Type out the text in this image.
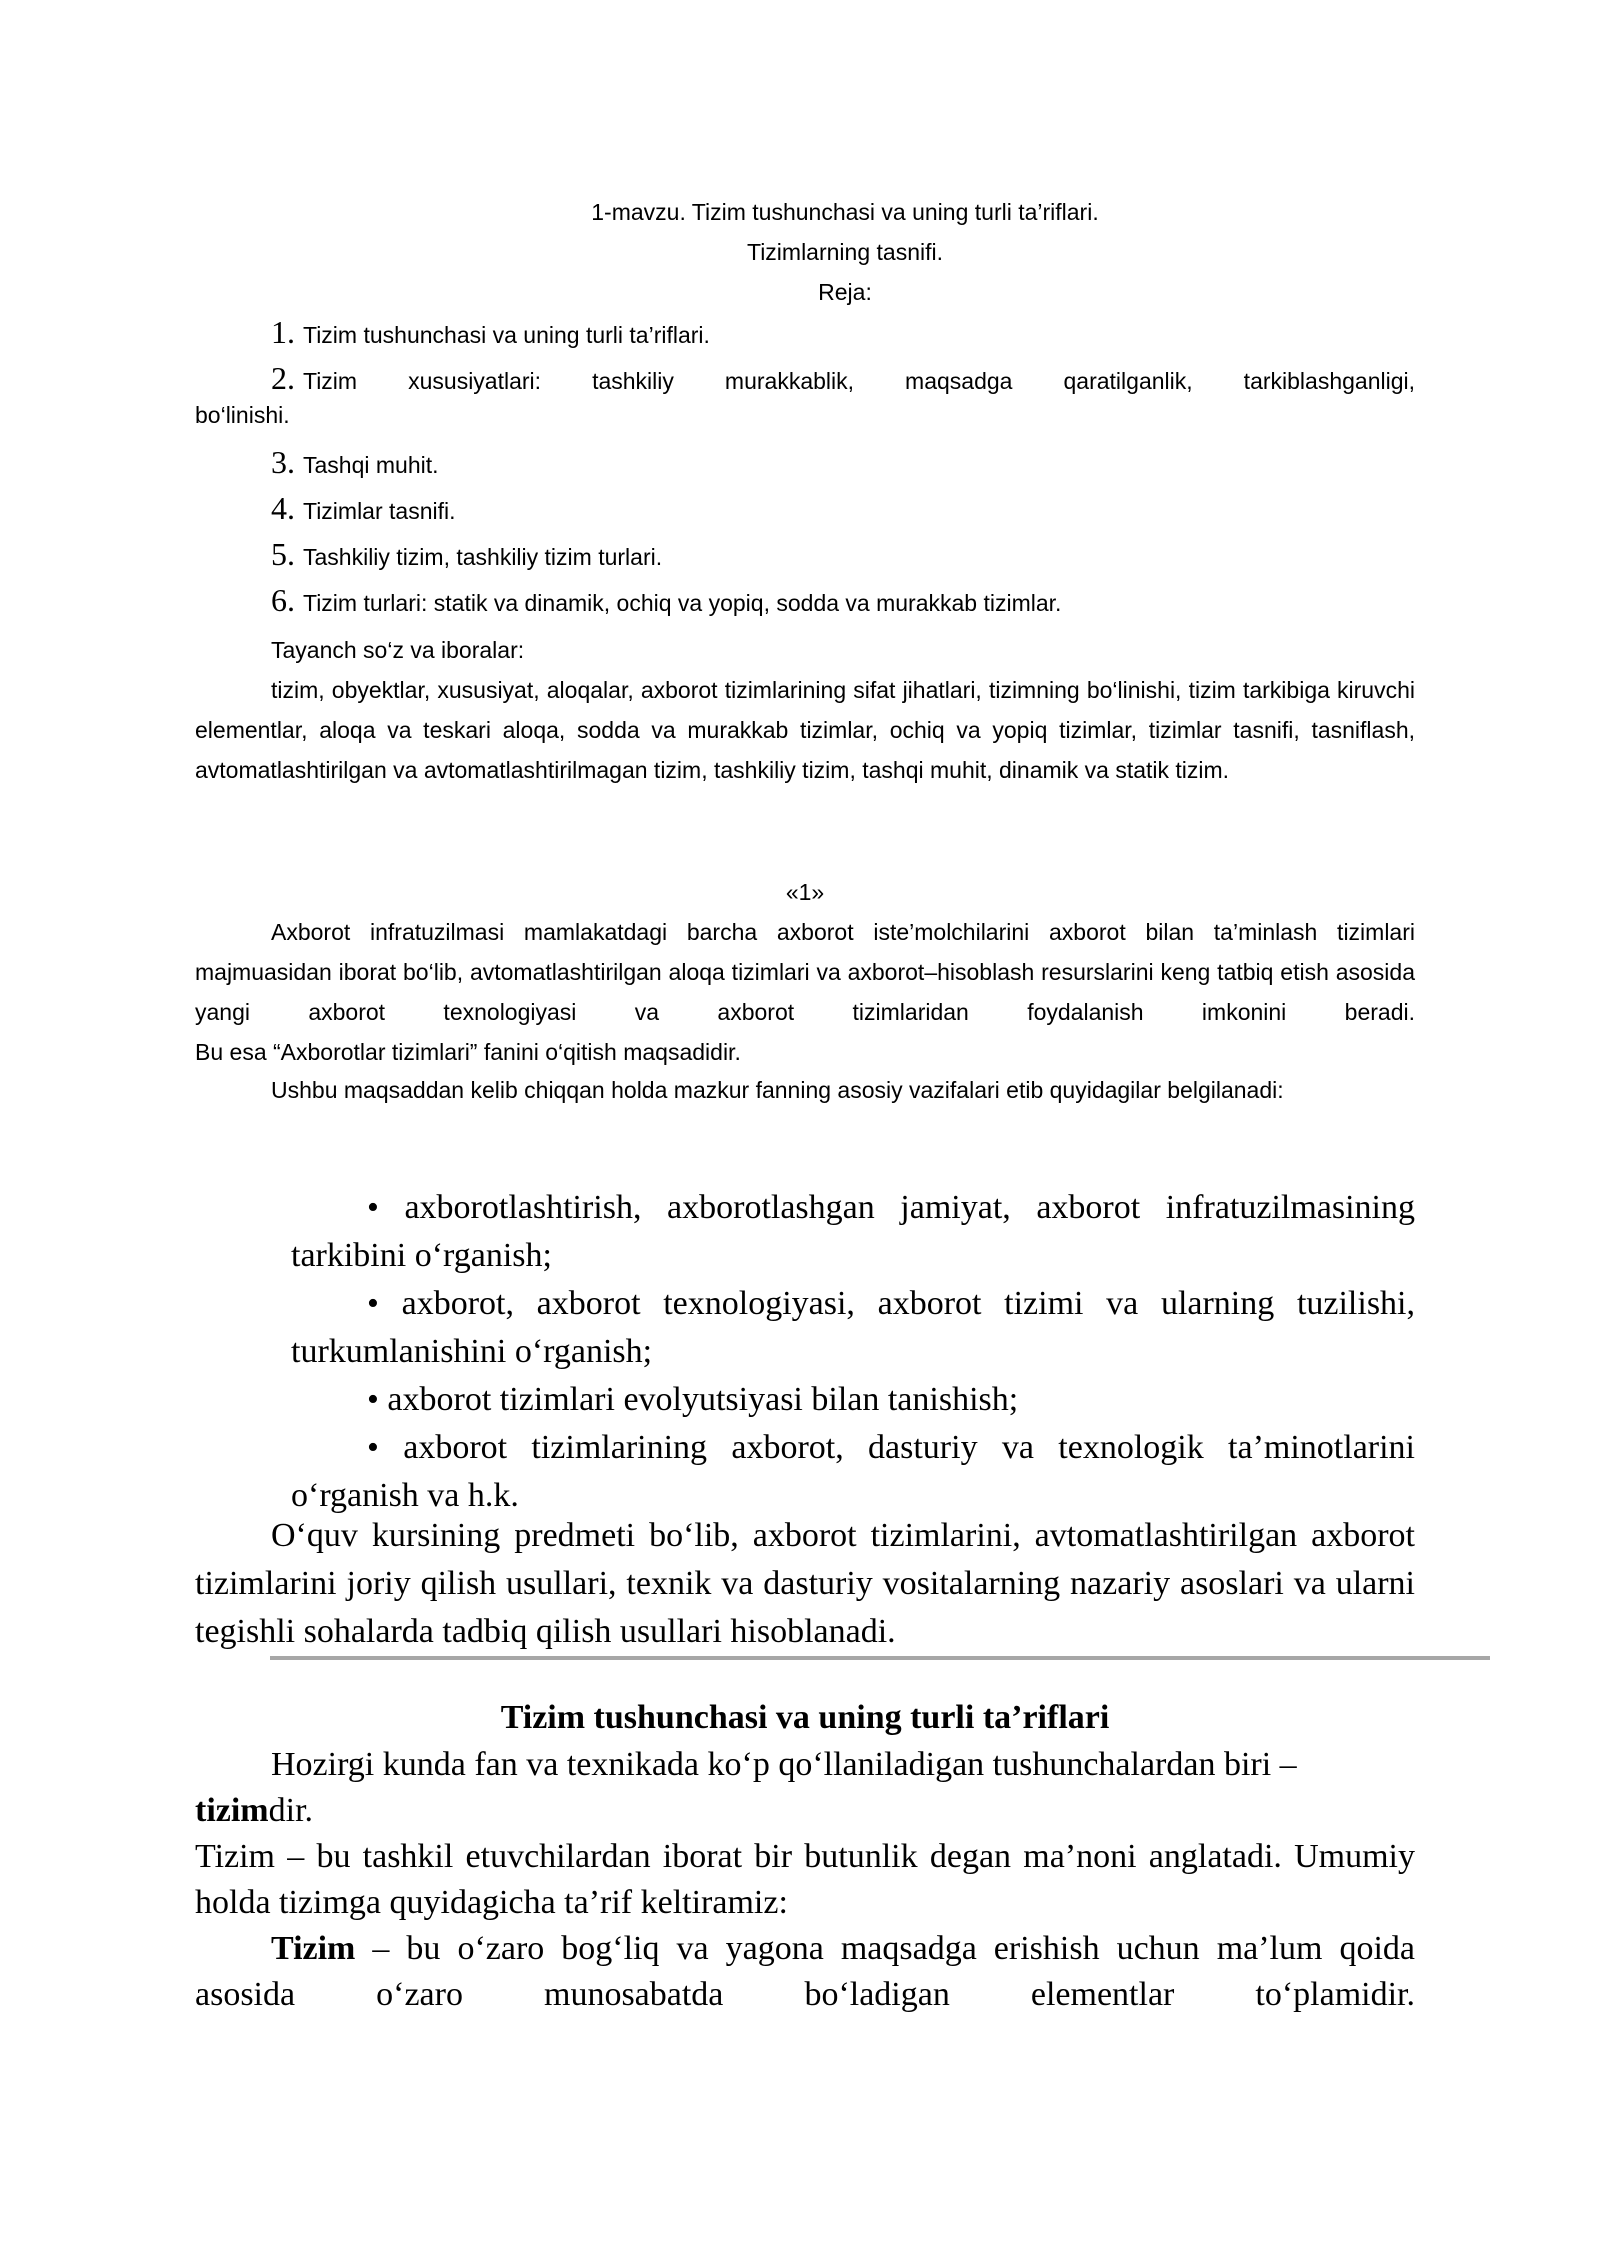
1-mavzu. Tizim tushunchasi va uning turli ta’riflari.
Tizimlarning tasnifi.
Reja:
1. Tizim tushunchasi va uning turli ta’riflari.
2. Tizim xususiyatlari: tashkiliy murakkablik, maqsadga qaratilganlik, tarkiblashganligi,
bo‘linishi.
3. Tashqi muhit.
4. Tizimlar tasnifi.
5. Tashkiliy tizim, tashkiliy tizim turlari.
6. Tizim turlari: statik va dinamik, ochiq va yopiq, sodda va murakkab tizimlar.
Tayanch so‘z va iboralar:
tizim, obyektlar, xususiyat, aloqalar, axborot tizimlarining sifat jihatlari, tizimning bo‘linishi, tizim tarkibiga kiruvchi elementlar, aloqa va teskari aloqa, sodda va murakkab tizimlar, ochiq va yopiq tizimlar, tizimlar tasnifi, tasniflash, avtomatlashtirilgan va avtomatlashtirilmagan tizim, tashkiliy tizim, tashqi muhit, dinamik va statik tizim.
«1»
Axborot infratuzilmasi mamlakatdagi barcha axborot iste’molchilarini axborot bilan ta’minlash tizimlari majmuasidan iborat bo‘lib, avtomatlashtirilgan aloqa tizimlari va axborot–hisoblash resurslarini keng tatbiq etish asosida yangi axborot texnologiyasi va axborot tizimlaridan foydalanish imkonini beradi.
Bu esa “Axborotlar tizimlari” fanini o‘qitish maqsadidir.
Ushbu maqsaddan kelib chiqqan holda mazkur fanning asosiy vazifalari etib quyidagilar belgilanadi:
• axborotlashtirish, axborotlashgan jamiyat, axborot infratuzilmasining tarkibini o‘rganish;
• axborot, axborot texnologiyasi, axborot tizimi va ularning tuzilishi, turkumlanishini o‘rganish;
• axborot tizimlari evolyutsiyasi bilan tanishish;
• axborot tizimlarining axborot, dasturiy va texnologik ta’minotlarini o‘rganish va h.k.
O‘quv kursining predmeti bo‘lib, axborot tizimlarini, avtomatlashtirilgan axborot tizimlarini joriy qilish usullari, texnik va dasturiy vositalarning nazariy asoslari va ularni tegishli sohalarda tadbiq qilish usullari hisoblanadi.
Tizim tushunchasi va uning turli ta’riflari
Hozirgi kunda fan va texnikada ko‘p qo‘llaniladigan tushunchalardan biri –
tizimdir.
Tizim – bu tashkil etuvchilardan iborat bir butunlik degan ma’noni anglatadi. Umumiy holda tizimga quyidagicha ta’rif keltiramiz:
Tizim – bu o‘zaro bog‘liq va yagona maqsadga erishish uchun ma’lum qoida asosida o‘zaro munosabatda bo‘ladigan elementlar to‘plamidir.
